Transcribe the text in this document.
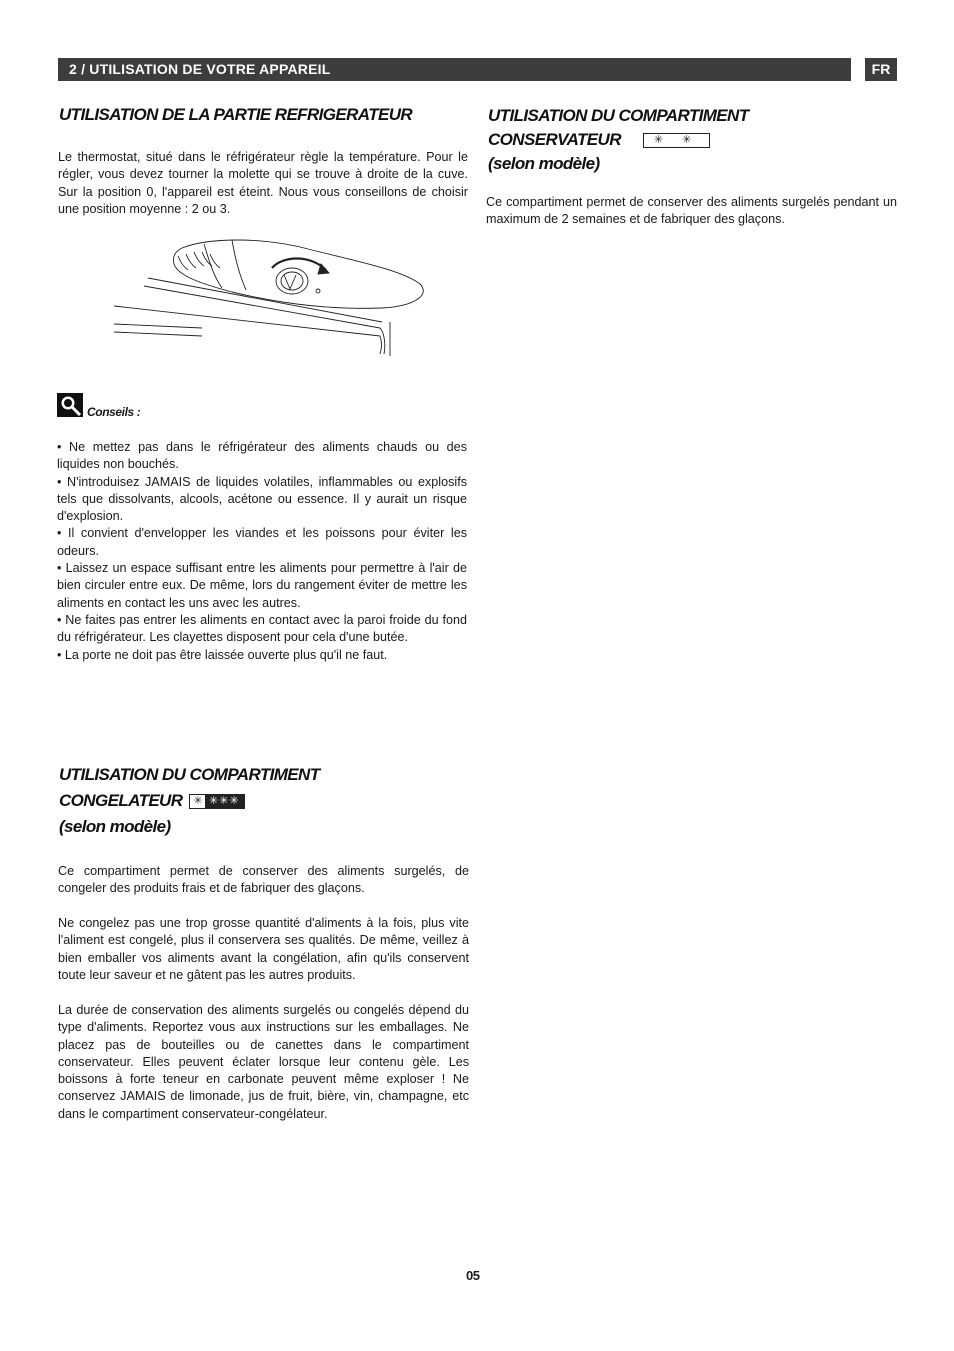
2 / UTILISATION DE VOTRE APPAREIL	FR
UTILISATION DE LA PARTIE REFRIGERATEUR

Le thermostat, situé dans le réfrigérateur règle la température. Pour le régler, vous devez tourner la molette qui se trouve à droite de la cuve. Sur la position 0, l'appareil est éteint. Nous vous conseillons de choisir une position moyenne : 2 ou 3.

Conseils :

• Ne mettez pas dans le réfrigérateur des aliments chauds ou des liquides non bouchés.

• N'introduisez JAMAIS de liquides volatiles, inflammables ou explosifs tels que dissolvants, alcools, acétone ou essence. Il y aurait un risque d'explosion.

• Il convient d'envelopper les viandes et les poissons pour éviter les odeurs.

• Laissez un espace suffisant entre les aliments pour permettre à l'air de bien circuler entre eux. De même, lors du rangement éviter de mettre les aliments en contact les uns avec les autres.

• Ne faites pas entrer les aliments en contact avec la paroi froide du fond du réfrigérateur. Les clayettes disposent pour cela d'une butée.

• La porte ne doit pas être laissée ouverte plus qu'il ne faut.

UTILISATION DU COMPARTIMENT
CONGELATEUR ✳ ✳✳✳
(selon modèle)

Ce compartiment permet de conserver des aliments surgelés, de congeler des produits frais et de fabriquer des glaçons.

Ne congelez pas une trop grosse quantité d'aliments à la fois, plus vite l'aliment est congelé, plus il conservera ses qualités. De même, veillez à bien emballer vos aliments avant la congélation, afin qu'ils conservent toute leur saveur et ne gâtent pas les autres produits.

La durée de conservation des aliments surgelés ou congelés dépend du type d'aliments. Reportez vous aux instructions sur les emballages. Ne placez pas de bouteilles ou de canettes dans le compartiment conservateur. Elles peuvent éclater lorsque leur contenu gèle. Les boissons à forte teneur en carbonate peuvent même exploser ! Ne conservez JAMAIS de limonade, jus de fruit, bière, vin, champagne, etc dans le compartiment conservateur-congélateur.

UTILISATION DU COMPARTIMENT
CONSERVATEUR	✳ ✳
(selon modèle)

Ce compartiment permet de conserver des aliments surgelés pendant un maximum de 2 semaines et de fabriquer des glaçons.

05
